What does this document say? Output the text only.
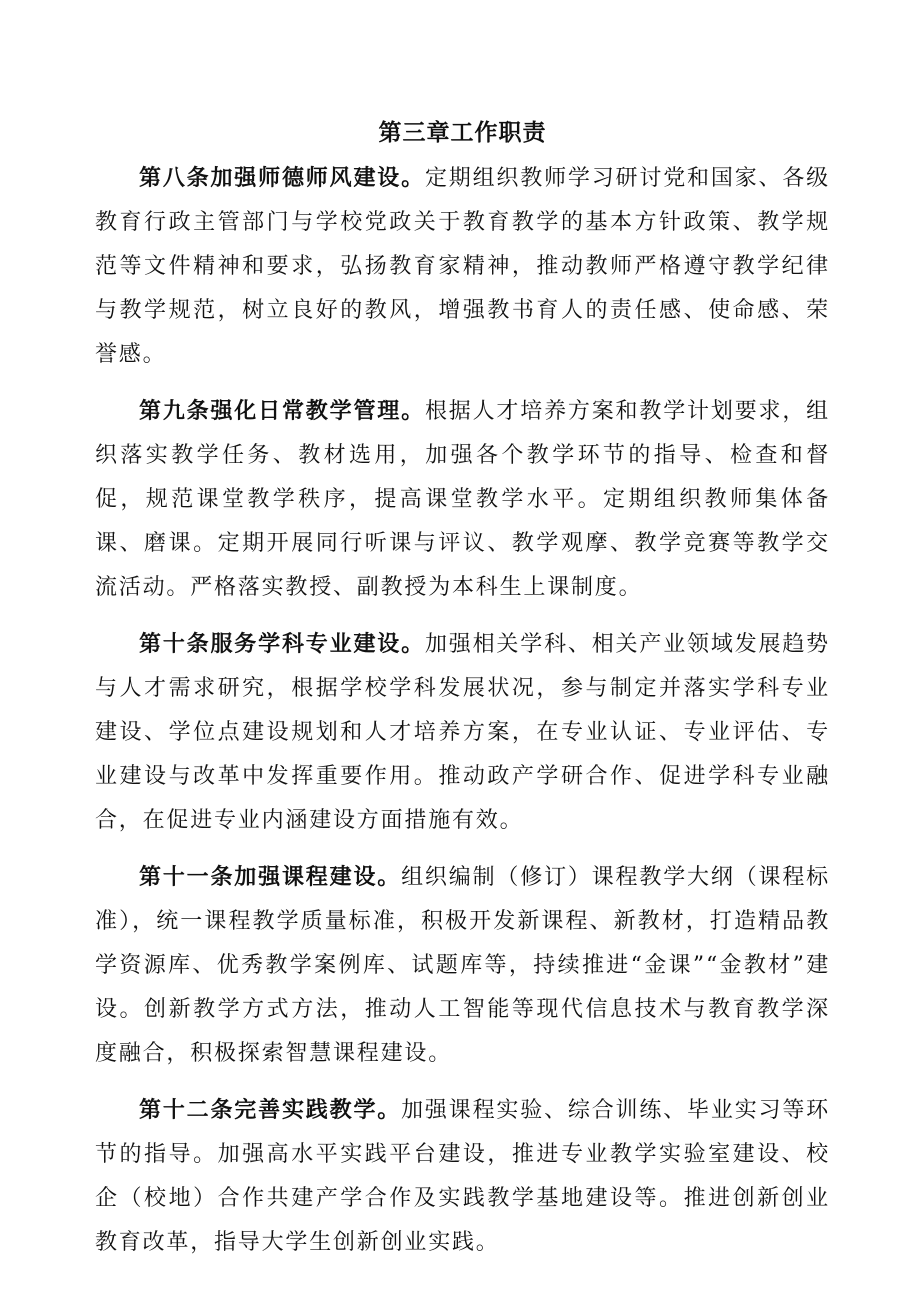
第三章工作职责

第八条加强师德师风建设。定期组织教师学习研讨党和国家、各级教育行政主管部门与学校党政关于教育教学的基本方针政策、教学规范等文件精神和要求，弘扬教育家精神，推动教师严格遵守教学纪律与教学规范，树立良好的教风，增强教书育人的责任感、使命感、荣誉感。

第九条强化日常教学管理。根据人才培养方案和教学计划要求，组织落实教学任务、教材选用，加强各个教学环节的指导、检查和督促，规范课堂教学秩序，提高课堂教学水平。定期组织教师集体备课、磨课。定期开展同行听课与评议、教学观摩、教学竞赛等教学交流活动。严格落实教授、副教授为本科生上课制度。

第十条服务学科专业建设。加强相关学科、相关产业领域发展趋势与人才需求研究，根据学校学科发展状况，参与制定并落实学科专业建设、学位点建设规划和人才培养方案，在专业认证、专业评估、专业建设与改革中发挥重要作用。推动政产学研合作、促进学科专业融合，在促进专业内涵建设方面措施有效。

第十一条加强课程建设。组织编制（修订）课程教学大纲（课程标准），统一课程教学质量标准，积极开发新课程、新教材，打造精品教学资源库、优秀教学案例库、试题库等，持续推进“金课”“金教材”建设。创新教学方式方法，推动人工智能等现代信息技术与教育教学深度融合，积极探索智慧课程建设。

第十二条完善实践教学。加强课程实验、综合训练、毕业实习等环节的指导。加强高水平实践平台建设，推进专业教学实验室建设、校企（校地）合作共建产学合作及实践教学基地建设等。推进创新创业教育改革，指导大学生创新创业实践。
